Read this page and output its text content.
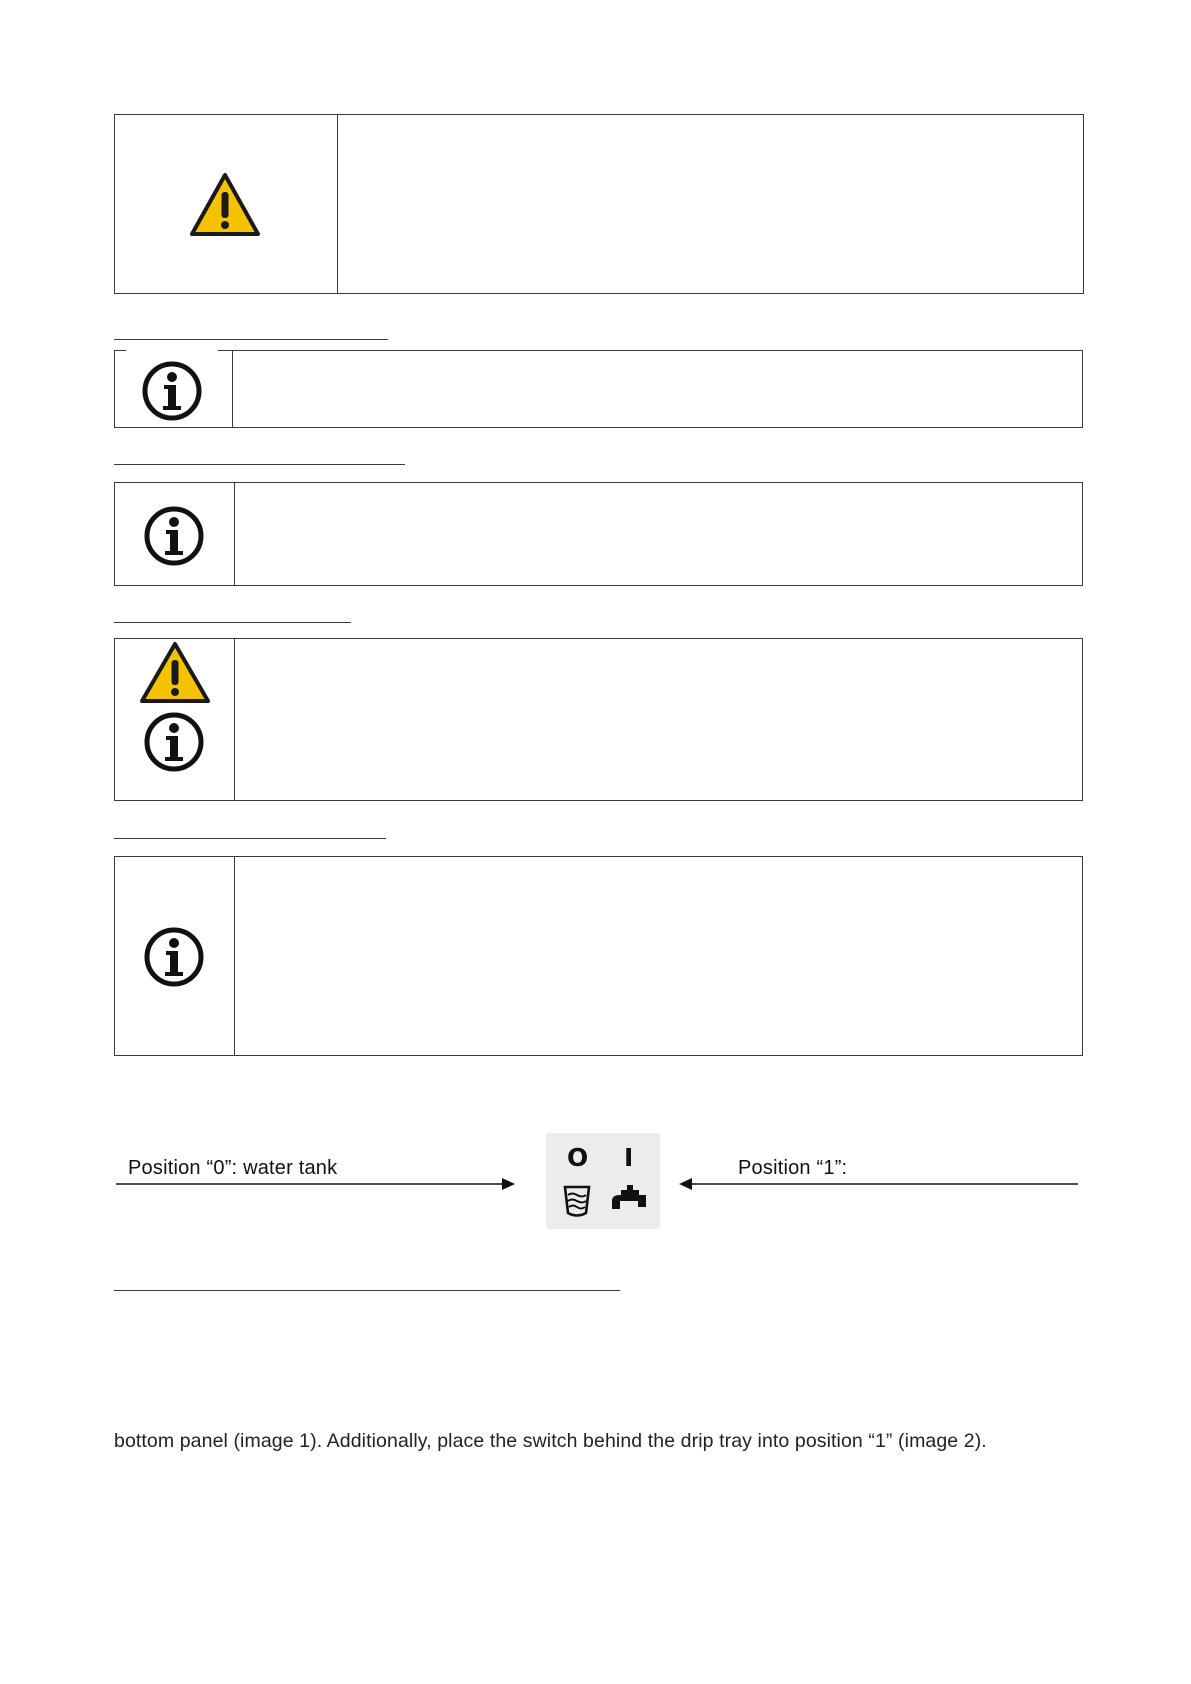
Position “0”: water tank	O I	Position “1”:
bottom panel (image 1). Additionally, place the switch behind the drip tray into position “1” (image 2).
